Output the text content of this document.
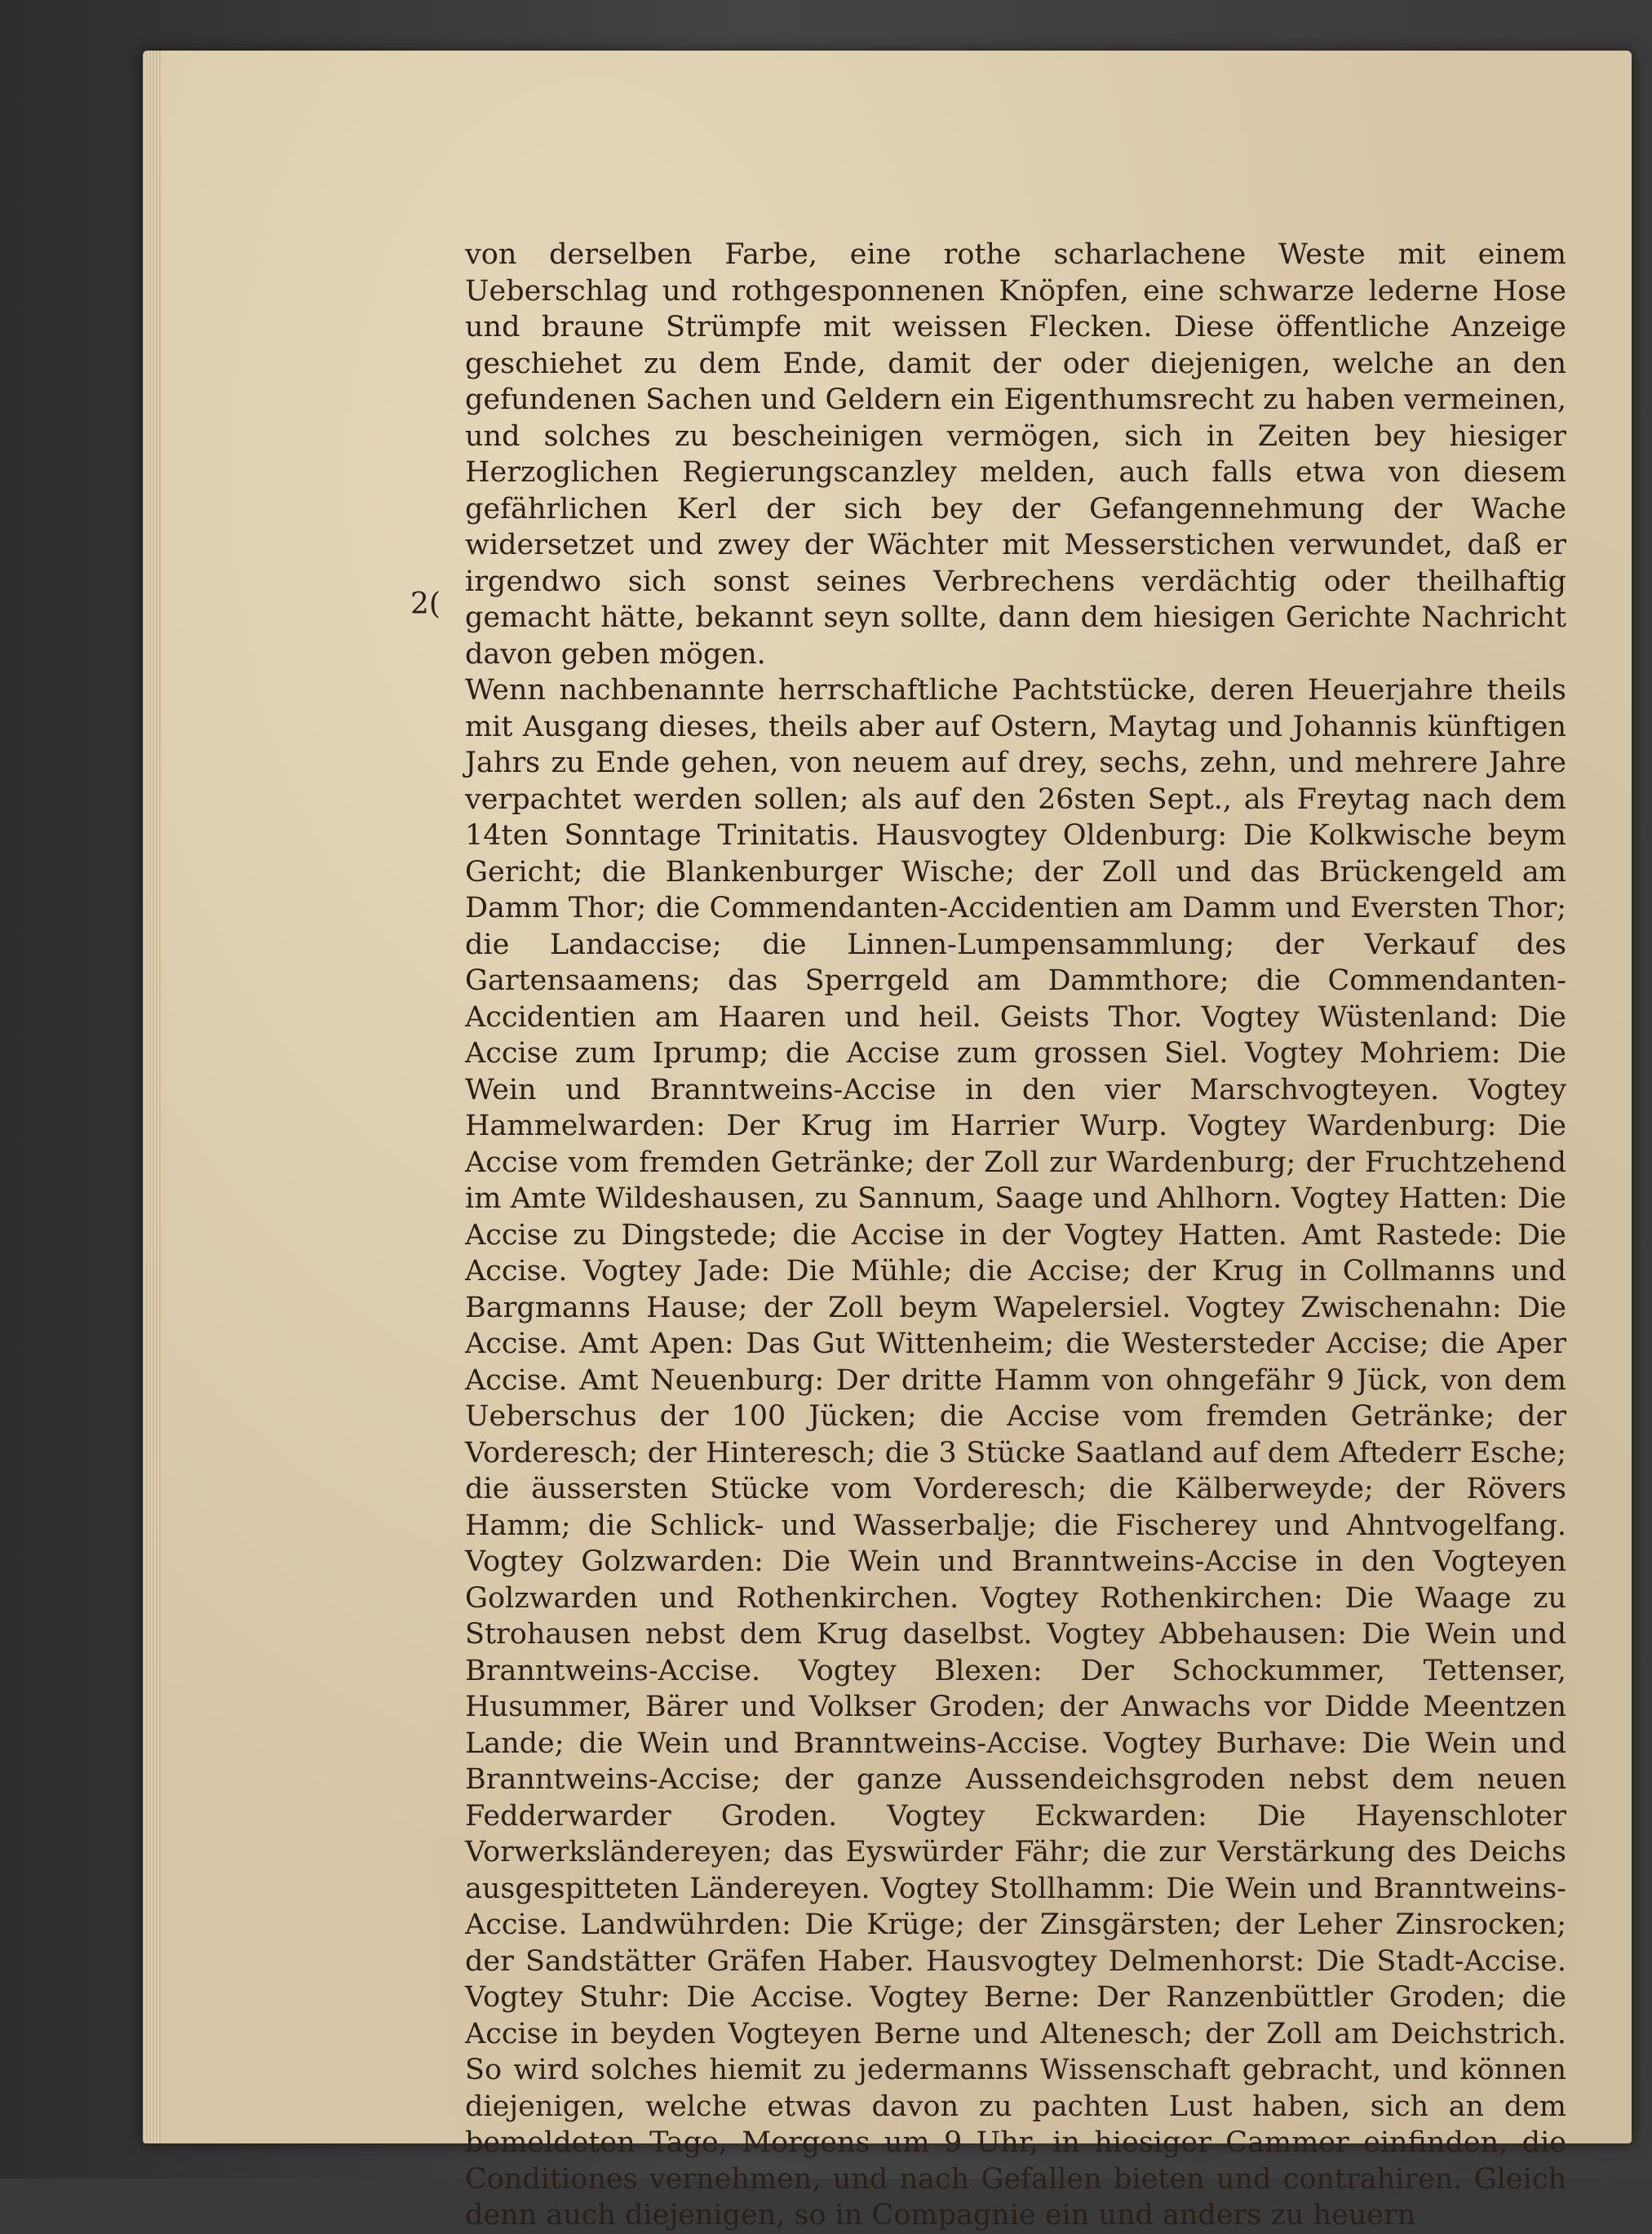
2(

von derselben Farbe, eine rothe scharlachene Weste mit einem Ueberschlag und rothgesponnenen Knöpfen, eine schwarze lederne Hose und braune Strümpfe mit weissen Flecken. Diese öffentliche Anzeige geschiehet zu dem Ende, damit der oder diejenigen, welche an den gefundenen Sachen und Geldern ein Eigenthumsrecht zu haben vermeinen, und solches zu bescheinigen vermögen, sich in Zeiten bey hiesiger Herzoglichen Regierungscanzley melden, auch falls etwa von diesem gefährlichen Kerl der sich bey der Gefangennehmung der Wache widersetzet und zwey der Wächter mit Messerstichen verwundet, daß er irgendwo sich sonst seines Verbrechens verdächtig oder theilhaftig gemacht hätte, bekannt seyn sollte, dann dem hiesigen Gerichte Nachricht davon geben mögen.

Wenn nachbenannte herrschaftliche Pachtstücke, deren Heuerjahre theils mit Ausgang dieses, theils aber auf Ostern, Maytag und Johannis künftigen Jahrs zu Ende gehen, von neuem auf drey, sechs, zehn, und mehrere Jahre verpachtet werden sollen; als auf den 26sten Sept., als Freytag nach dem 14ten Sonntage Trinitatis. Hausvogtey Oldenburg: Die Kolkwische beym Gericht; die Blankenburger Wische; der Zoll und das Brückengeld am Damm Thor; die Commendanten-Accidentien am Damm und Eversten Thor; die Landaccise; die Linnen-Lumpensammlung; der Verkauf des Gartensaamens; das Sperrgeld am Dammthore; die Commendanten-Accidentien am Haaren und heil. Geists Thor. Vogtey Wüstenland: Die Accise zum Iprump; die Accise zum grossen Siel. Vogtey Mohriem: Die Wein und Branntweins-Accise in den vier Marschvogteyen. Vogtey Hammelwarden: Der Krug im Harrier Wurp. Vogtey Wardenburg: Die Accise vom fremden Getränke; der Zoll zur Wardenburg; der Fruchtzehend im Amte Wildeshausen, zu Sannum, Saage und Ahlhorn. Vogtey Hatten: Die Accise zu Dingstede; die Accise in der Vogtey Hatten. Amt Rastede: Die Accise. Vogtey Jade: Die Mühle; die Accise; der Krug in Collmanns und Bargmanns Hause; der Zoll beym Wapelersiel. Vogtey Zwischenahn: Die Accise. Amt Apen: Das Gut Wittenheim; die Westersteder Accise; die Aper Accise. Amt Neuenburg: Der dritte Hamm von ohngefähr 9 Jück, von dem Ueberschus der 100 Jücken; die Accise vom fremden Getränke; der Vorderesch; der Hinteresch; die 3 Stücke Saatland auf dem Aftederr Esche; die äussersten Stücke vom Vorderesch; die Kälberweyde; der Rövers Hamm; die Schlick- und Wasserbalje; die Fischerey und Ahntvogelfang. Vogtey Golzwarden: Die Wein und Branntweins-Accise in den Vogteyen Golzwarden und Rothenkirchen. Vogtey Rothenkirchen: Die Waage zu Strohausen nebst dem Krug daselbst. Vogtey Abbehausen: Die Wein und Branntweins-Accise. Vogtey Blexen: Der Schockummer, Tettenser, Husummer, Bärer und Volkser Groden; der Anwachs vor Didde Meentzen Lande; die Wein und Branntweins-Accise. Vogtey Burhave: Die Wein und Branntweins-Accise; der ganze Aussendeichsgroden nebst dem neuen Fedderwarder Groden. Vogtey Eckwarden: Die Hayenschloter Vorwerksländereyen; das Eyswürder Fähr; die zur Verstärkung des Deichs ausgespitteten Ländereyen. Vogtey Stollhamm: Die Wein und Branntweins-Accise. Landwührden: Die Krüge; der Zinsgärsten; der Leher Zinsrocken; der Sandstätter Gräfen Haber. Hausvogtey Delmenhorst: Die Stadt-Accise. Vogtey Stuhr: Die Accise. Vogtey Berne: Der Ranzenbüttler Groden; die Accise in beyden Vogteyen Berne und Altenesch; der Zoll am Deichstrich. So wird solches hiemit zu jedermanns Wissenschaft gebracht, und können diejenigen, welche etwas davon zu pachten Lust haben, sich an dem bemeldeten Tage, Morgens um 9 Uhr, in hiesiger Cammer einfinden, die Conditiones vernehmen, und nach Gefallen bieten und contrahiren. Gleich denn auch diejenigen, so in Compagnie ein und anders zu heuern
